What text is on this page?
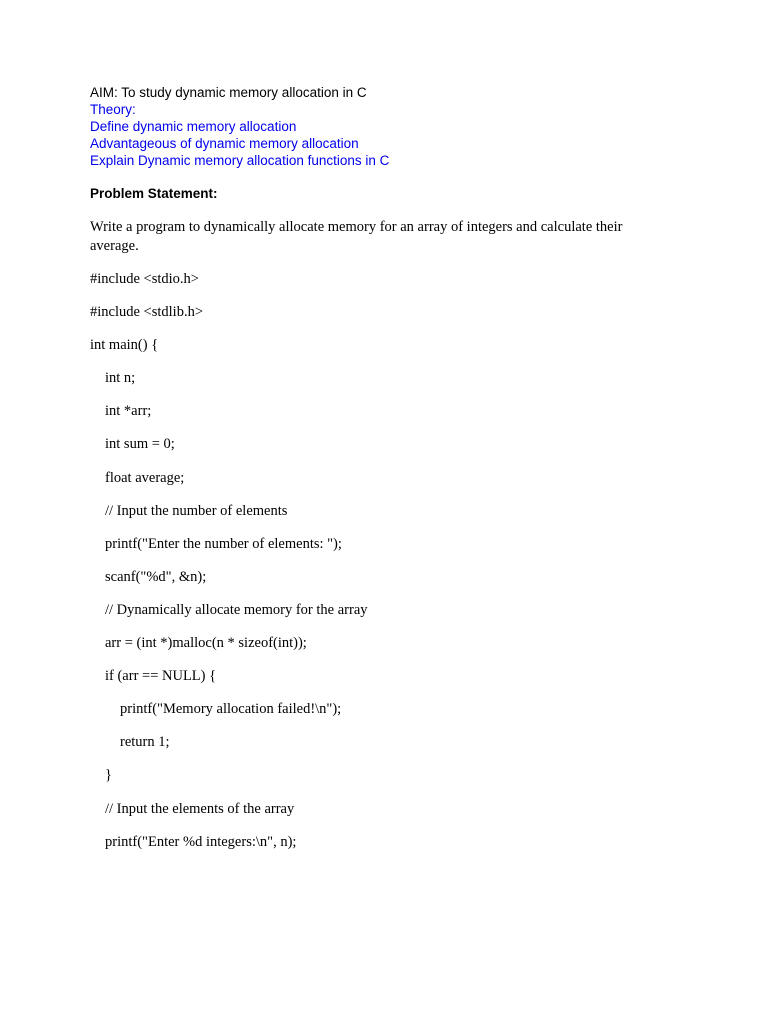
AIM: To study dynamic memory allocation in C
Theory:
Define dynamic memory allocation
Advantageous of dynamic memory allocation
Explain Dynamic memory allocation functions in C
Problem Statement:
Write a program to dynamically allocate memory for an array of integers and calculate their average.
#include <stdio.h>
#include <stdlib.h>
int main() {
int n;
int *arr;
int sum = 0;
float average;
// Input the number of elements
printf("Enter the number of elements: ");
scanf("%d", &n);
// Dynamically allocate memory for the array
arr = (int *)malloc(n * sizeof(int));
if (arr == NULL) {
printf("Memory allocation failed!\n");
return 1;
}
// Input the elements of the array
printf("Enter %d integers:\n", n);
